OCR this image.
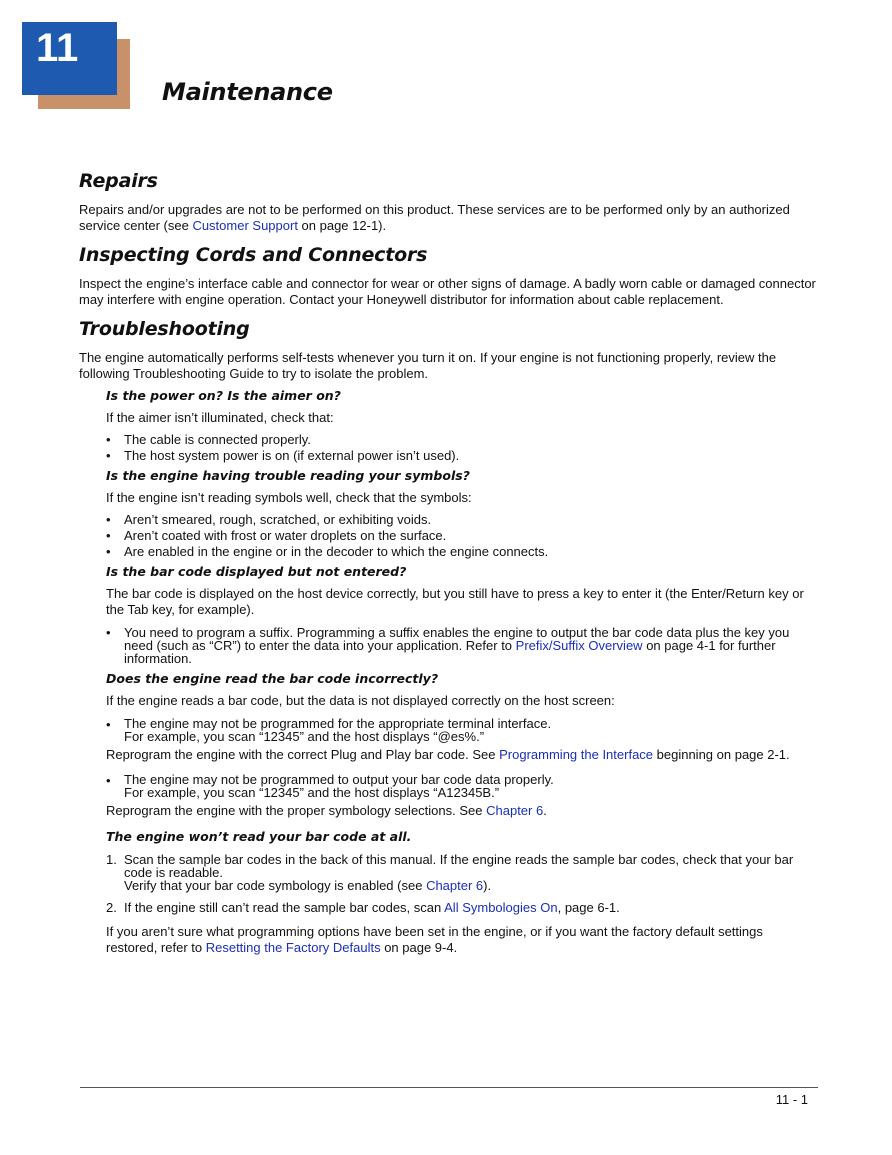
11
Maintenance
Repairs

Repairs and/or upgrades are not to be performed on this product. These services are to be performed only by an authorized service center (see Customer Support on page 12-1).

Inspecting Cords and Connectors

Inspect the engine’s interface cable and connector for wear or other signs of damage. A badly worn cable or damaged connector may interfere with engine operation. Contact your Honeywell distributor for information about cable replacement.

Troubleshooting

The engine automatically performs self-tests whenever you turn it on. If your engine is not functioning properly, review the following Troubleshooting Guide to try to isolate the problem.

Is the power on? Is the aimer on?

If the aimer isn’t illuminated, check that:

• The cable is connected properly.
• The host system power is on (if external power isn’t used).
Is the engine having trouble reading your symbols?

If the engine isn’t reading symbols well, check that the symbols:

• Aren’t smeared, rough, scratched, or exhibiting voids.
• Aren’t coated with frost or water droplets on the surface.
• Are enabled in the engine or in the decoder to which the engine connects.
Is the bar code displayed but not entered?

The bar code is displayed on the host device correctly, but you still have to press a key to enter it (the Enter/Return key or the Tab key, for example).

• You need to program a suffix. Programming a suffix enables the engine to output the bar code data plus the key you need (such as “CR”) to enter the data into your application. Refer to Prefix/Suffix Overview on page 4-1 for further information.
Does the engine read the bar code incorrectly?

If the engine reads a bar code, but the data is not displayed correctly on the host screen:

• The engine may not be programmed for the appropriate terminal interface.
For example, you scan “12345” and the host displays “@es%.”

Reprogram the engine with the correct Plug and Play bar code. See Programming the Interface beginning on page 2-1.

• The engine may not be programmed to output your bar code data properly.
For example, you scan “12345” and the host displays “A12345B.”

Reprogram the engine with the proper symbology selections. See Chapter 6.

The engine won’t read your bar code at all.
1. Scan the sample bar codes in the back of this manual. If the engine reads the sample bar codes, check that your bar code is readable.
Verify that your bar code symbology is enabled (see Chapter 6).
2. If the engine still can’t read the sample bar codes, scan All Symbologies On, page 6-1.

If you aren’t sure what programming options have been set in the engine, or if you want the factory default settings restored, refer to Resetting the Factory Defaults on page 9-4.

11 - 1
